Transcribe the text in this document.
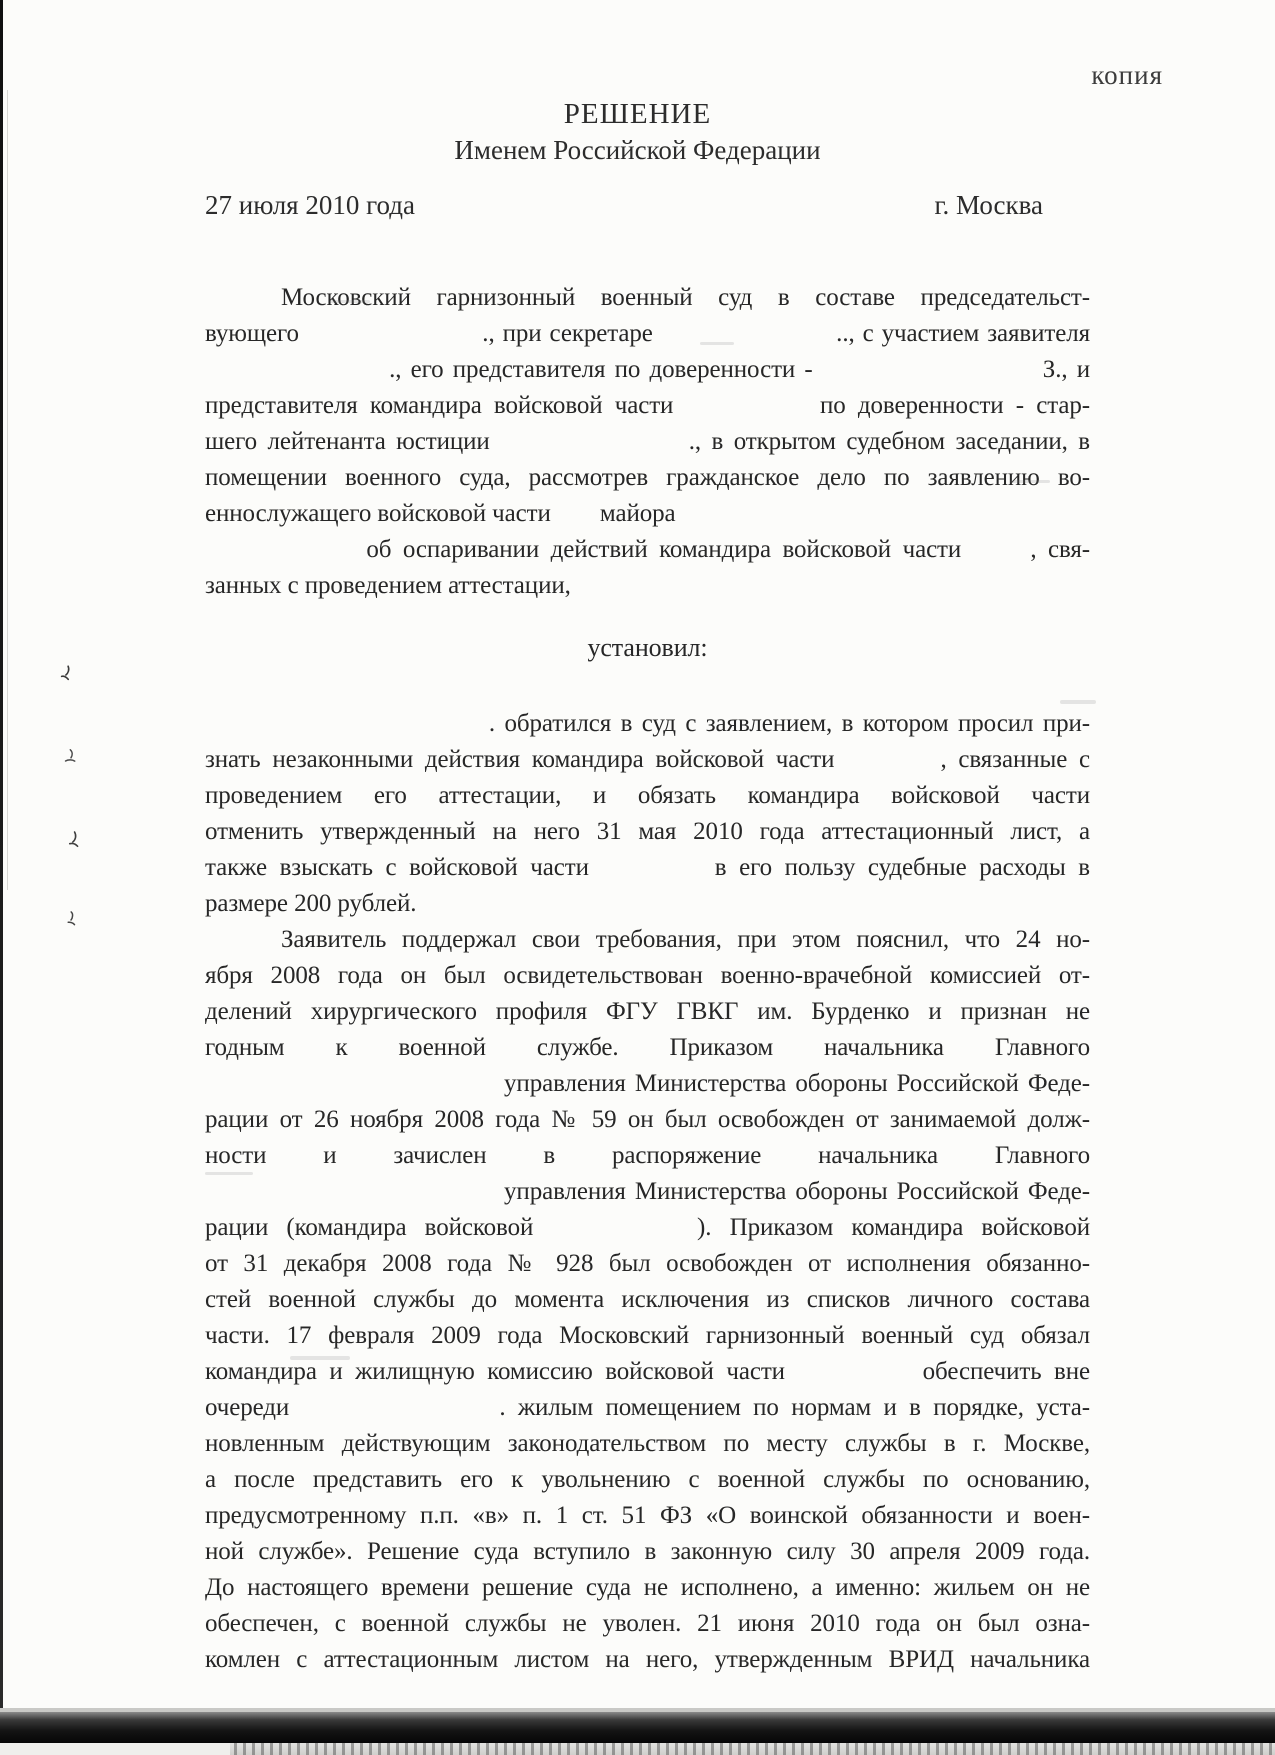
копия
РЕШЕНИЕ
Именем Российской Федерации
27 июля 2010 года	г. Москва
Московский гарнизонный военный суд в составе председательст-
вующего                       ., при секретаре                       .., с участием заявителя
., его представителя по доверенности -                         З., и
представителя командира войсковой части            по доверенности - стар-
шего лейтенанта юстиции                   ., в открытом судебном заседании, в
помещении военного суда, рассмотрев гражданское дело по заявлению во-
еннослужащего войсковой части        майора
об оспаривании действий командира войсковой части      , свя-
занных с проведением аттестации,
установил:
. обратился в суд с заявлением, в котором просил при-
знать незаконными действия командира войсковой части         , связанные с
проведением его аттестации, и обязать командира войсковой части
отменить утвержденный на него 31 мая 2010 года аттестационный лист, а
также взыскать с войсковой части          в его пользу судебные расходы в
размере 200 рублей.
Заявитель поддержал свои требования, при этом пояснил, что 24 но-
ября 2008 года он был освидетельствован военно-врачебной комиссией от-
делений хирургического профиля ФГУ ГВКГ им. Бурденко и признан не
годным к военной службе. Приказом начальника Главного
управления Министерства обороны Российской Феде-
рации от 26 ноября 2008 года № 59 он был освобожден от занимаемой долж-
ности и зачислен в распоряжение начальника Главного
управления Министерства обороны Российской Феде-
рации (командира войсковой         ). Приказом командира войсковой
от 31 декабря 2008 года № 928 был освобожден от исполнения обязанно-
стей военной службы до момента исключения из списков личного состава
части. 17 февраля 2009 года Московский гарнизонный военный суд обязал
командира и жилищную комиссию войсковой части           обеспечить вне
очереди                 . жилым помещением по нормам и в порядке, уста-
новленным действующим законодательством по месту службы в г. Москве,
а после представить его к увольнению с военной службы по основанию,
предусмотренному п.п. «в» п. 1 ст. 51 ФЗ «О воинской обязанности и воен-
ной службе». Решение суда вступило в законную силу 30 апреля 2009 года.
До настоящего времени решение суда не исполнено, а именно: жильем он не
обеспечен, с военной службы не уволен. 21 июня 2010 года он был озна-
комлен с аттестационным листом на него, утвержденным ВРИД начальника
